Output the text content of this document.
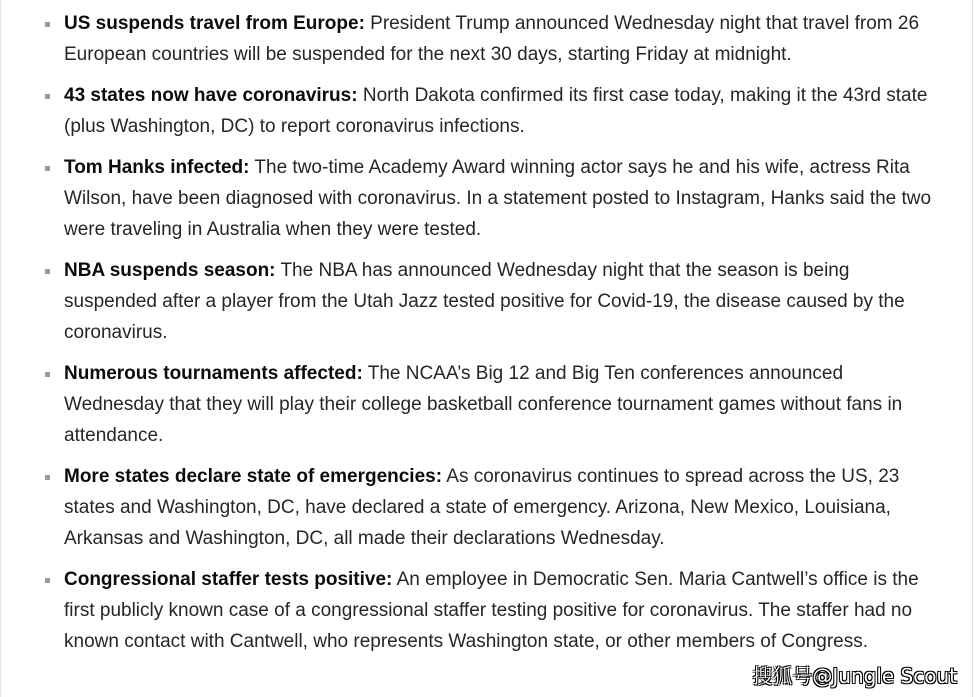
US suspends travel from Europe: President Trump announced Wednesday night that travel from 26 European countries will be suspended for the next 30 days, starting Friday at midnight.
43 states now have coronavirus: North Dakota confirmed its first case today, making it the 43rd state (plus Washington, DC) to report coronavirus infections.
Tom Hanks infected: The two-time Academy Award winning actor says he and his wife, actress Rita Wilson, have been diagnosed with coronavirus. In a statement posted to Instagram, Hanks said the two were traveling in Australia when they were tested.
NBA suspends season: The NBA has announced Wednesday night that the season is being suspended after a player from the Utah Jazz tested positive for Covid-19, the disease caused by the coronavirus.
Numerous tournaments affected: The NCAA’s Big 12 and Big Ten conferences announced Wednesday that they will play their college basketball conference tournament games without fans in attendance.
More states declare state of emergencies: As coronavirus continues to spread across the US, 23 states and Washington, DC, have declared a state of emergency. Arizona, New Mexico, Louisiana, Arkansas and Washington, DC, all made their declarations Wednesday.
Congressional staffer tests positive: An employee in Democratic Sen. Maria Cantwell’s office is the first publicly known case of a congressional staffer testing positive for coronavirus. The staffer had no known contact with Cantwell, who represents Washington state, or other members of Congress.
搜狐号@Jungle Scout
